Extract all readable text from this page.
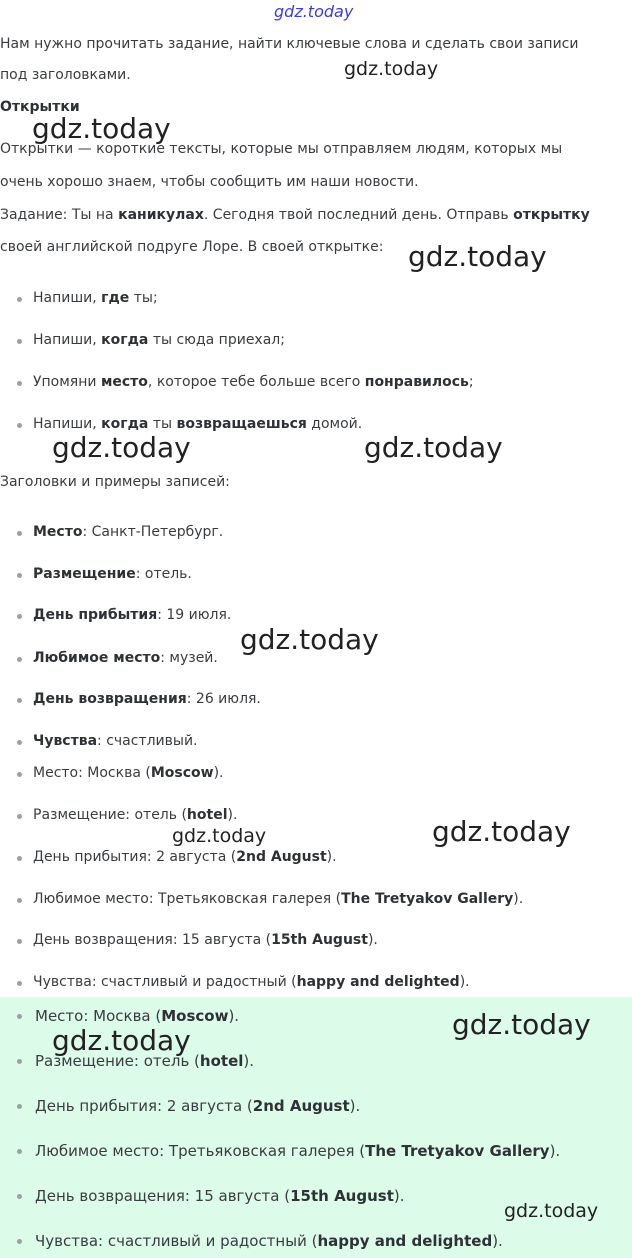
gdz.today
Нам нужно прочитать задание, найти ключевые слова и сделать свои записи
под заголовками.
Открытки
Открытки — короткие тексты, которые мы отправляем людям, которых мы
очень хорошо знаем, чтобы сообщить им наши новости.
Задание: Ты на каникулах. Сегодня твой последний день. Отправь открытку
своей английской подруге Лоре. В своей открытке:
Напиши, где ты;
Напиши, когда ты сюда приехал;
Упомяни место, которое тебе больше всего понравилось;
Напиши, когда ты возвращаешься домой.
Заголовки и примеры записей:
Место: Санкт-Петербург.
Размещение: отель.
День прибытия: 19 июля.
Любимое место: музей.
День возвращения: 26 июля.
Чувства: счастливый.
Место: Москва (Moscow).
Размещение: отель (hotel).
День прибытия: 2 августа (2nd August).
Любимое место: Третьяковская галерея (The Tretyakov Gallery).
День возвращения: 15 августа (15th August).
Чувства: счастливый и радостный (happy and delighted).
Место: Москва (Moscow).
Размещение: отель (hotel).
День прибытия: 2 августа (2nd August).
Любимое место: Третьяковская галерея (The Tretyakov Gallery).
День возвращения: 15 августа (15th August).
Чувства: счастливый и радостный (happy and delighted).
gdz.today
gdz.today
gdz.today
gdz.today	gdz.today
gdz.today
gdz.today	gdz.today
gdz.today
gdz.today
gdz.today
